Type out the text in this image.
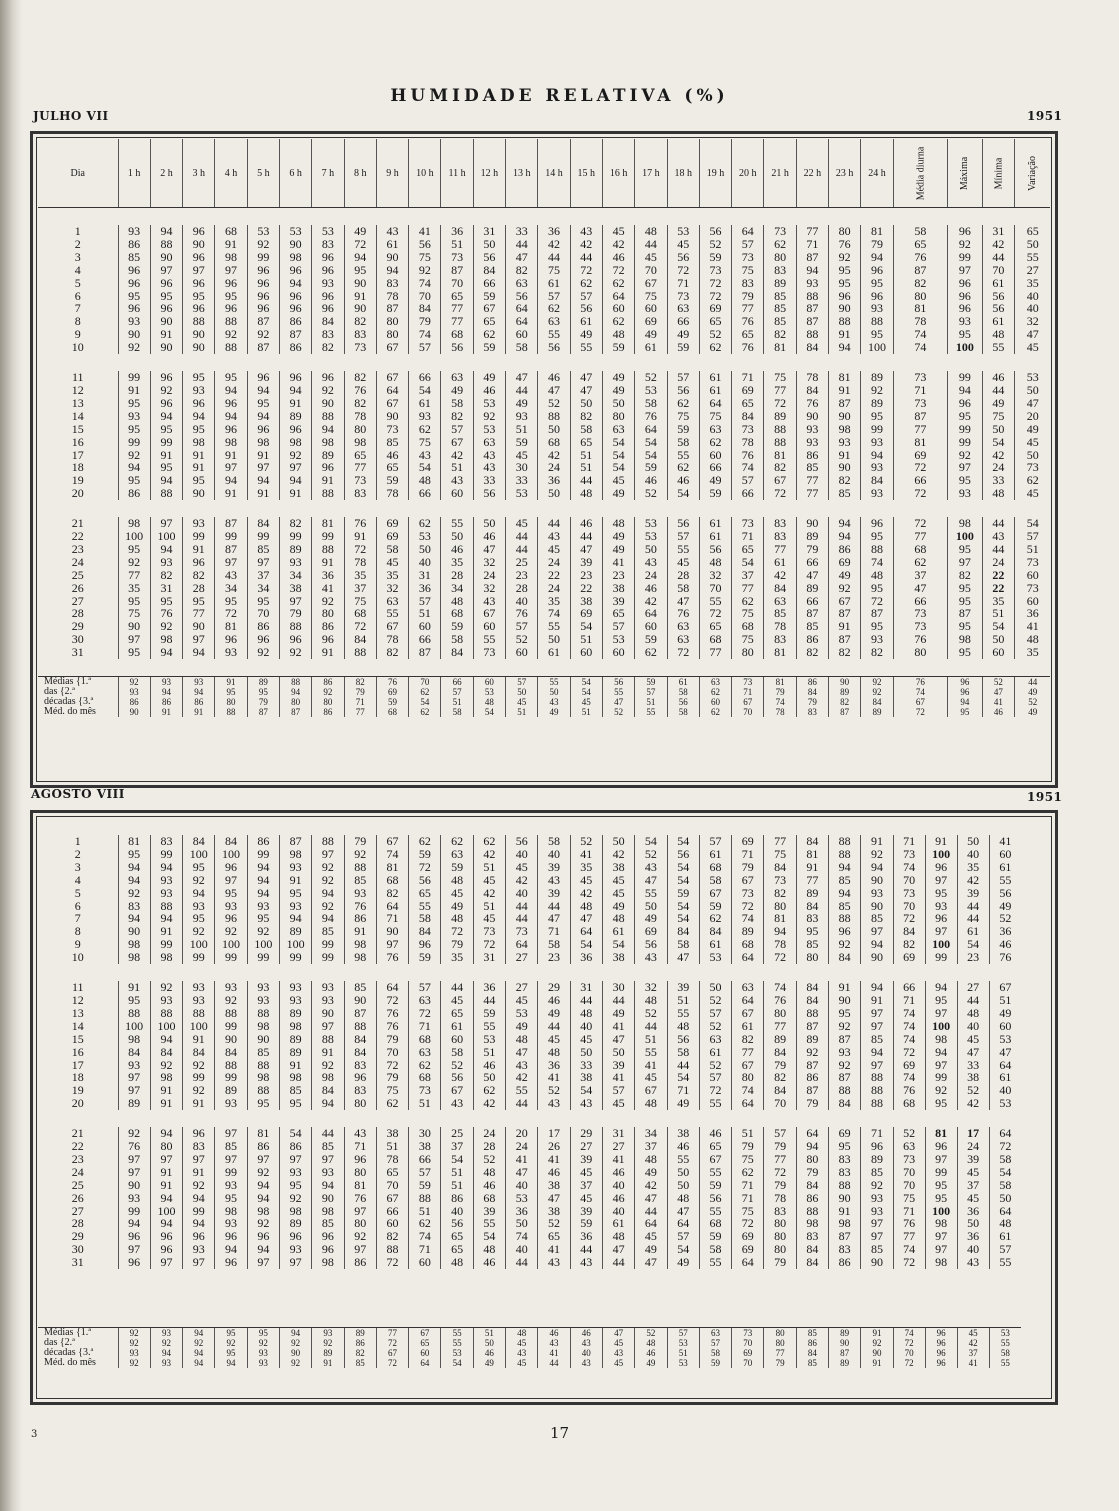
HUMIDADE RELATIVA (%)
JULHO VII	1951
Dia	1 h	2 h	3 h	4 h	5 h	6 h	7 h	8 h	9 h	10 h	11 h	12 h	13 h	14 h	15 h	16 h	17 h	18 h	19 h	20 h	21 h	22 h	23 h	24 h	Média diurna	Máxima	Mínima	Variação

1	93	94	96	68	53	53	53	49	43	41	36	31	33	36	43	45	48	53	56	64	73	77	80	81	58	96	31	65
2	86	88	90	91	92	90	83	72	61	56	51	50	44	42	42	42	44	45	52	57	62	71	76	79	65	92	42	50
3	85	90	96	98	99	98	96	94	90	75	73	56	47	44	44	46	45	56	59	73	80	87	92	94	76	99	44	55
4	96	97	97	97	96	96	96	95	94	92	87	84	82	75	72	72	70	72	73	75	83	94	95	96	87	97	70	27
5	96	96	96	96	96	94	93	90	83	74	70	66	63	61	62	62	67	71	72	83	89	93	95	95	82	96	61	35
6	95	95	95	95	96	96	96	91	78	70	65	59	56	57	57	64	75	73	72	79	85	88	96	96	80	96	56	40
7	96	96	96	96	96	96	96	90	87	84	77	67	64	62	56	60	60	63	69	77	85	87	90	93	81	96	56	40
8	93	90	88	88	87	86	84	82	80	79	77	65	64	63	61	62	69	66	65	76	85	87	88	88	78	93	61	32
9	90	91	90	92	92	87	83	83	80	74	68	62	60	55	49	48	49	49	52	65	82	88	91	95	74	95	48	47
10	92	90	90	88	87	86	82	73	67	57	56	59	58	56	55	59	61	59	62	76	81	84	94	100	74	100	55	45

11	99	96	95	95	96	96	96	82	67	66	63	49	47	46	47	49	52	57	61	71	75	78	81	89	73	99	46	53
12	91	92	93	94	94	94	92	76	64	54	49	46	44	47	47	49	53	56	61	69	77	84	91	92	71	94	44	50
13	95	96	96	96	95	91	90	82	67	61	58	53	49	52	50	50	58	62	64	65	72	76	87	89	73	96	49	47
14	93	94	94	94	94	89	88	78	90	93	82	92	93	88	82	80	76	75	75	84	89	90	90	95	87	95	75	20
15	95	95	95	96	96	96	94	80	73	62	57	53	51	50	58	63	64	59	63	73	88	93	98	99	77	99	50	49
16	99	99	98	98	98	98	98	98	85	75	67	63	59	68	65	54	54	58	62	78	88	93	93	93	81	99	54	45
17	92	91	91	91	91	92	89	65	46	43	42	43	45	42	51	54	54	55	60	76	81	86	91	94	69	92	42	50
18	94	95	91	97	97	97	96	77	65	54	51	43	30	24	51	54	59	62	66	74	82	85	90	93	72	97	24	73
19	95	94	95	94	94	94	91	73	59	48	43	33	33	36	44	45	46	46	49	57	67	77	82	84	66	95	33	62
20	86	88	90	91	91	91	88	83	78	66	60	56	53	50	48	49	52	54	59	66	72	77	85	93	72	93	48	45

21	98	97	93	87	84	82	81	76	69	62	55	50	45	44	46	48	53	56	61	73	83	90	94	96	72	98	44	54
22	100	100	99	99	99	99	99	91	69	53	50	46	44	43	44	49	53	57	61	71	83	89	94	95	77	100	43	57
23	95	94	91	87	85	89	88	72	58	50	46	47	44	45	47	49	50	55	56	65	77	79	86	88	68	95	44	51
24	92	93	96	97	97	93	91	78	45	40	35	32	25	24	39	41	43	45	48	54	61	66	69	74	62	97	24	73
25	77	82	82	43	37	34	36	35	35	31	28	24	23	22	23	23	24	28	32	37	42	47	49	48	37	82	22	60
26	35	31	28	34	34	38	41	37	32	36	34	32	28	24	22	38	46	58	70	77	84	89	92	95	47	95	22	73
27	95	95	95	95	95	97	92	75	63	57	48	43	40	35	38	39	42	47	55	62	63	66	67	72	66	95	35	60
28	75	76	77	72	70	79	80	68	55	51	68	67	76	74	69	65	64	76	72	75	85	87	87	87	73	87	51	36
29	90	92	90	81	86	88	86	72	67	60	59	60	57	55	54	57	60	63	65	68	78	85	91	95	73	95	54	41
30	97	98	97	96	96	96	96	84	78	66	58	55	52	50	51	53	59	63	68	75	83	86	87	93	76	98	50	48
31	95	94	94	93	92	92	91	88	82	87	84	73	60	61	60	60	62	72	77	80	81	82	82	82	80	95	60	35

Médias {1.ª	92	93	93	91	89	88	86	82	76	70	66	60	57	55	54	56	59	61	63	73	81	86	90	92	76	96	52	44
das {2.ª	93	94	94	95	95	94	92	79	69	62	57	53	50	50	54	55	57	58	62	71	79	84	89	92	74	96	47	49
décadas {3.ª	86	86	86	80	79	80	80	71	59	54	51	48	45	43	45	47	51	56	60	67	74	79	82	84	67	94	41	52
Méd. do mês	90	91	91	88	87	87	86	77	68	62	58	54	51	49	51	52	55	58	62	70	78	83	87	89	72	95	46	49

AGOSTO VIII	1951

1	81	83	84	84	86	87	88	79	67	62	62	62	56	58	52	50	54	54	57	69	77	84	88	91	71	91	50	41
2	95	99	100	100	99	98	97	92	74	59	63	42	40	40	41	42	52	56	61	71	75	81	88	92	73	100	40	60
3	94	94	95	96	94	93	92	88	81	72	59	51	45	39	35	38	43	54	68	79	84	91	94	94	74	96	35	61
4	94	93	92	97	94	91	92	85	68	56	48	45	42	43	45	45	47	54	58	67	73	77	85	90	70	97	42	55
5	92	93	94	95	94	95	94	93	82	65	45	42	40	39	42	45	55	59	67	73	82	89	94	93	73	95	39	56
6	83	88	93	93	93	93	92	76	64	55	49	51	44	44	48	49	50	54	59	72	80	84	85	90	70	93	44	49
7	94	94	95	96	95	94	94	86	71	58	48	45	44	47	47	48	49	54	62	74	81	83	88	85	72	96	44	52
8	90	91	92	92	92	89	85	91	90	84	72	73	73	71	64	61	69	84	84	89	94	95	96	97	84	97	61	36
9	98	99	100	100	100	100	99	98	97	96	79	72	64	58	54	54	56	58	61	68	78	85	92	94	82	100	54	46
10	98	98	99	99	99	99	99	98	76	59	35	31	27	23	36	38	43	47	53	64	72	80	84	90	69	99	23	76

11	91	92	93	93	93	93	93	85	64	57	44	36	27	29	31	30	32	39	50	63	74	84	91	94	66	94	27	67
12	95	93	93	92	93	93	93	90	72	63	45	44	45	46	44	44	48	51	52	64	76	84	90	91	71	95	44	51
13	88	88	88	88	88	89	90	87	76	72	65	59	53	49	48	49	52	55	57	67	80	88	95	97	74	97	48	49
14	100	100	100	99	98	98	97	88	76	71	61	55	49	44	40	41	44	48	52	61	77	87	92	97	74	100	40	60
15	98	94	91	90	90	89	88	84	79	68	60	53	48	45	45	47	51	56	63	82	89	89	87	85	74	98	45	53
16	84	84	84	84	85	89	91	84	70	63	58	51	47	48	50	50	55	58	61	77	84	92	93	94	72	94	47	47
17	93	92	92	88	88	91	92	83	72	62	52	46	43	36	33	39	41	44	52	67	79	87	92	97	69	97	33	64
18	97	98	99	99	98	98	98	96	79	68	56	50	42	41	38	41	45	54	57	80	82	86	87	88	74	99	38	61
19	97	91	92	89	88	85	84	83	75	73	67	62	55	52	54	57	67	71	72	74	84	87	88	88	76	92	52	40
20	89	91	91	93	95	95	94	80	62	51	43	42	44	43	43	45	48	49	55	64	70	79	84	88	68	95	42	53

21	92	94	96	97	81	54	44	43	38	30	25	24	20	17	29	31	34	38	46	51	57	64	69	71	52	81	17	64
22	76	80	83	85	86	86	85	71	51	38	37	28	24	26	27	27	37	46	65	79	79	94	95	96	63	96	24	72
23	97	97	97	97	97	97	97	96	78	66	54	52	41	41	39	41	48	55	67	75	77	80	83	89	73	97	39	58
24	97	91	91	99	92	93	93	80	65	57	51	48	47	46	45	46	49	50	55	62	72	79	83	85	70	99	45	54
25	90	91	92	93	94	95	94	81	70	59	51	46	40	38	37	40	42	50	59	71	79	84	88	92	70	95	37	58
26	93	94	94	95	94	92	90	76	67	88	86	68	53	47	45	46	47	48	56	71	78	86	90	93	75	95	45	50
27	99	100	99	98	98	98	98	97	66	51	40	39	36	38	39	40	44	47	55	75	83	88	91	93	71	100	36	64
28	94	94	94	93	92	89	85	80	60	62	56	55	50	52	59	61	64	64	68	72	80	98	98	97	76	98	50	48
29	96	96	96	96	96	96	96	92	82	74	65	54	74	65	36	48	45	57	59	69	80	83	87	97	77	97	36	61
30	97	96	93	94	94	93	96	97	88	71	65	48	40	41	44	47	49	54	58	69	80	84	83	85	74	97	40	57
31	96	97	97	96	97	97	98	86	72	60	48	46	44	43	43	44	47	49	55	64	79	84	86	90	72	98	43	55

Médias {1.ª	92	93	94	95	95	94	93	89	77	67	55	51	48	46	46	47	52	57	63	73	80	85	89	91	74	96	45	53
das {2.ª	92	92	92	92	92	92	92	86	72	65	55	50	45	43	43	45	48	53	57	70	80	86	90	92	72	96	42	55
décadas {3.ª	93	94	94	95	93	90	89	82	67	60	53	46	43	41	40	43	46	51	58	69	77	84	87	90	70	96	37	58
Méd. do mês	92	93	94	94	93	92	91	85	72	64	54	49	45	44	43	45	49	53	59	70	79	85	89	91	72	96	41	55

3	17
